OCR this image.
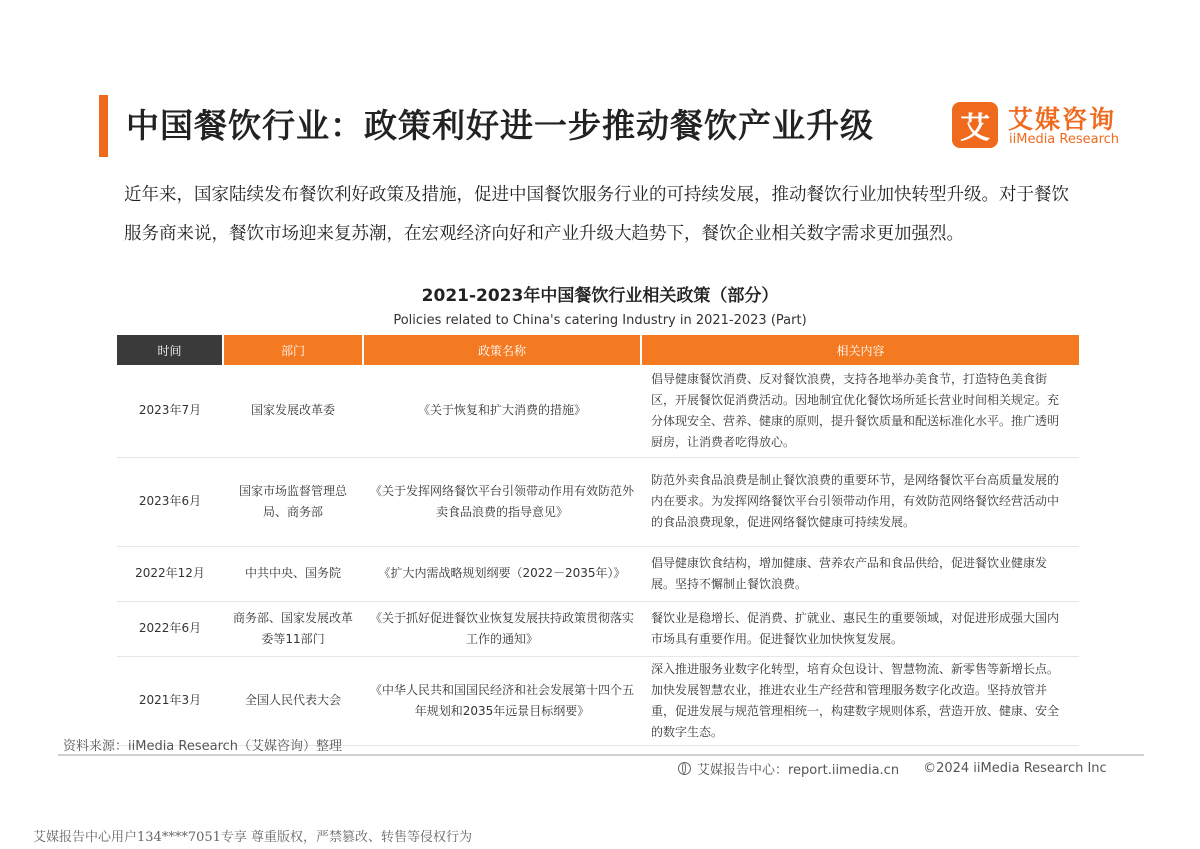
中国餐饮行业：政策利好进一步推动餐饮产业升级	艾 艾媒咨询
iiMedia Research
近年来，国家陆续发布餐饮利好政策及措施，促进中国餐饮服务行业的可持续发展，推动餐饮行业加快转型升级。对于餐饮服务商来说，餐饮市场迎来复苏潮，在宏观经济向好和产业升级大趋势下，餐饮企业相关数字需求更加强烈。
2021-2023年中国餐饮行业相关政策（部分）
Policies related to China's catering Industry in 2021-2023 (Part)
时间	部门	政策名称	相关内容
2023年7月	国家发展改革委	《关于恢复和扩大消费的措施》	倡导健康餐饮消费、反对餐饮浪费，支持各地举办美食节，打造特色美食街区，开展餐饮促消费活动。因地制宜优化餐饮场所延长营业时间相关规定。充分体现安全、营养、健康的原则，提升餐饮质量和配送标准化水平。推广透明厨房，让消费者吃得放心。
2023年6月	国家市场监督管理总局、商务部	《关于发挥网络餐饮平台引领带动作用有效防范外卖食品浪费的指导意见》	防范外卖食品浪费是制止餐饮浪费的重要环节，是网络餐饮平台高质量发展的内在要求。为发挥网络餐饮平台引领带动作用，有效防范网络餐饮经营活动中的食品浪费现象，促进网络餐饮健康可持续发展。
2022年12月	中共中央、国务院	《扩大内需战略规划纲要（2022－2035年）》	倡导健康饮食结构，增加健康、营养农产品和食品供给，促进餐饮业健康发展。坚持不懈制止餐饮浪费。
2022年6月	商务部、国家发展改革委等11部门	《关于抓好促进餐饮业恢复发展扶持政策贯彻落实工作的通知》	餐饮业是稳增长、促消费、扩就业、惠民生的重要领域，对促进形成强大国内市场具有重要作用。促进餐饮业加快恢复发展。
2021年3月	全国人民代表大会	《中华人民共和国国民经济和社会发展第十四个五年规划和2035年远景目标纲要》	深入推进服务业数字化转型，培育众包设计、智慧物流、新零售等新增长点。加快发展智慧农业，推进农业生产经营和管理服务数字化改造。坚持放管并重，促进发展与规范管理相统一，构建数字规则体系，营造开放、健康、安全的数字生态。
资料来源：iiMedia Research（艾媒咨询）整理
艾媒报告中心：report.iimedia.cn ©2024 iiMedia Research Inc
艾媒报告中心用户134****7051专享 尊重版权，严禁篡改、转售等侵权行为
